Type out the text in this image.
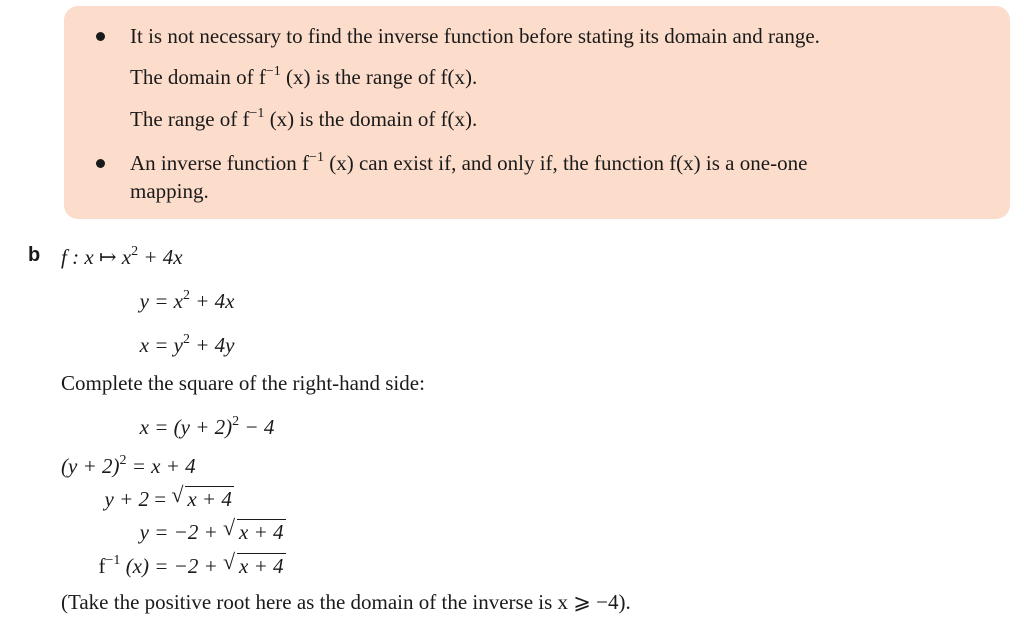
It is not necessary to find the inverse function before stating its domain and range.
The domain of $f^{-1}$ (x) is the range of f(x).
The range of $f^{-1}$ (x) is the domain of f(x).
An inverse function $f^{-1}$ (x) can exist if, and only if, the function f(x) is a one-one
mapping.
b f : x ↦ $x^2 + 4x$
$y = x^2 + 4x$
$x = y^2 + 4y$
Complete the square of the right-hand side:
$x = (y + 2)^2 - 4$
$(y + 2)^2 = x + 4$
y + 2 = √ x + 4
y = −2 + √ x + 4
$f^{-1}$ (x) = −2 + √ x + 4
(Take the positive root here as the domain of the inverse is x ⩾ −4).
